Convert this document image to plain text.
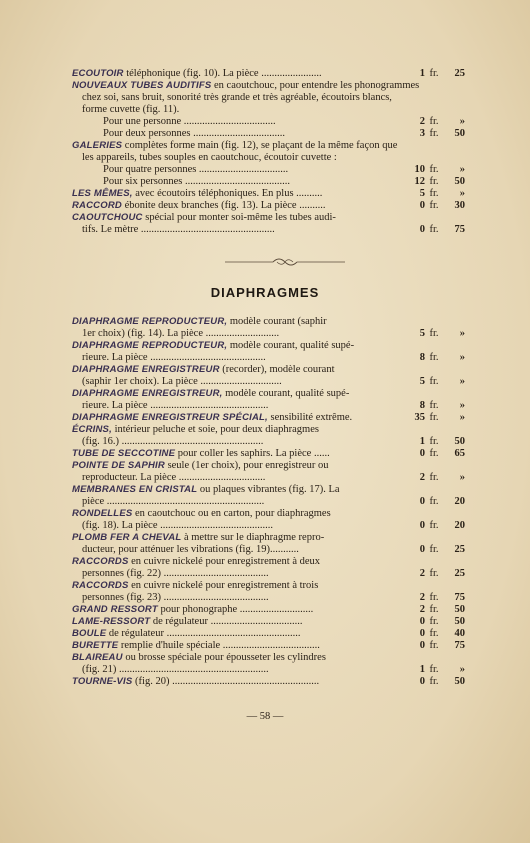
ECOUTOIR téléphonique (fig. 10). La pièce .......................	1 fr. 25
NOUVEAUX TUBES AUDITIFS en caoutchouc, pour entendre les phonogrammes
chez soi, sans bruit, sonorité très grande et très agréable, écoutoirs blancs,
forme cuvette (fig. 11).
Pour une personne ...................................	2 fr. »
Pour deux personnes ...................................	3 fr. 50
GALERIES complètes forme main (fig. 12), se plaçant de la même façon que
les appareils, tubes souples en caoutchouc, écoutoir cuvette :
Pour quatre personnes ..................................	10 fr. »
Pour six personnes ........................................	12 fr. 50
LES MÊMES, avec écoutoirs téléphoniques. En plus ..........	5 fr. »
RACCORD ébonite deux branches (fig. 13). La pièce ..........	0 fr. 30
CAOUTCHOUC spécial pour monter soi-même les tubes audi-
tifs. Le mètre ...................................................	0 fr. 75
DIAPHRAGMES
DIAPHRAGME REPRODUCTEUR, modèle courant (saphir
1er choix) (fig. 14). La pièce ............................	5 fr. »
DIAPHRAGME REPRODUCTEUR, modèle courant, qualité supé-
rieure. La pièce ............................................	8 fr. »
DIAPHRAGME ENREGISTREUR (recorder), modèle courant
(saphir 1er choix). La pièce ...............................	5 fr. »
DIAPHRAGME ENREGISTREUR, modèle courant, qualité supé-
rieure. La pièce .............................................	8 fr. »
DIAPHRAGME ENREGISTREUR SPÉCIAL, sensibilité extrême.	35 fr. »
ÉCRINS, intérieur peluche et soie, pour deux diaphragmes
(fig. 16.) ......................................................	1 fr. 50
TUBE DE SECCOTINE pour coller les saphirs. La pièce ......	0 fr. 65
POINTE DE SAPHIR seule (1er choix), pour enregistreur ou
reproducteur. La pièce .................................	2 fr. »
MEMBRANES EN CRISTAL ou plaques vibrantes (fig. 17). La
pièce ............................................................	0 fr. 20
RONDELLES en caoutchouc ou en carton, pour diaphragmes
(fig. 18). La pièce ...........................................	0 fr. 20
PLOMB FER A CHEVAL à mettre sur le diaphragme repro-
ducteur, pour atténuer les vibrations (fig. 19)...........	0 fr. 25
RACCORDS en cuivre nickelé pour enregistrement à deux
personnes (fig. 22) ........................................	2 fr. 25
RACCORDS en cuivre nickelé pour enregistrement à trois
personnes (fig. 23) ........................................	2 fr. 75
GRAND RESSORT pour phonographe ............................	2 fr. 50
LAME-RESSORT de régulateur ...................................	0 fr. 50
BOULE de régulateur ...................................................	0 fr. 40
BURETTE remplie d'huile spéciale .....................................	0 fr. 75
BLAIREAU ou brosse spéciale pour épousseter les cylindres
(fig. 21) .........................................................	1 fr. »
TOURNE-VIS (fig. 20) ........................................................	0 fr. 50
— 58 —
